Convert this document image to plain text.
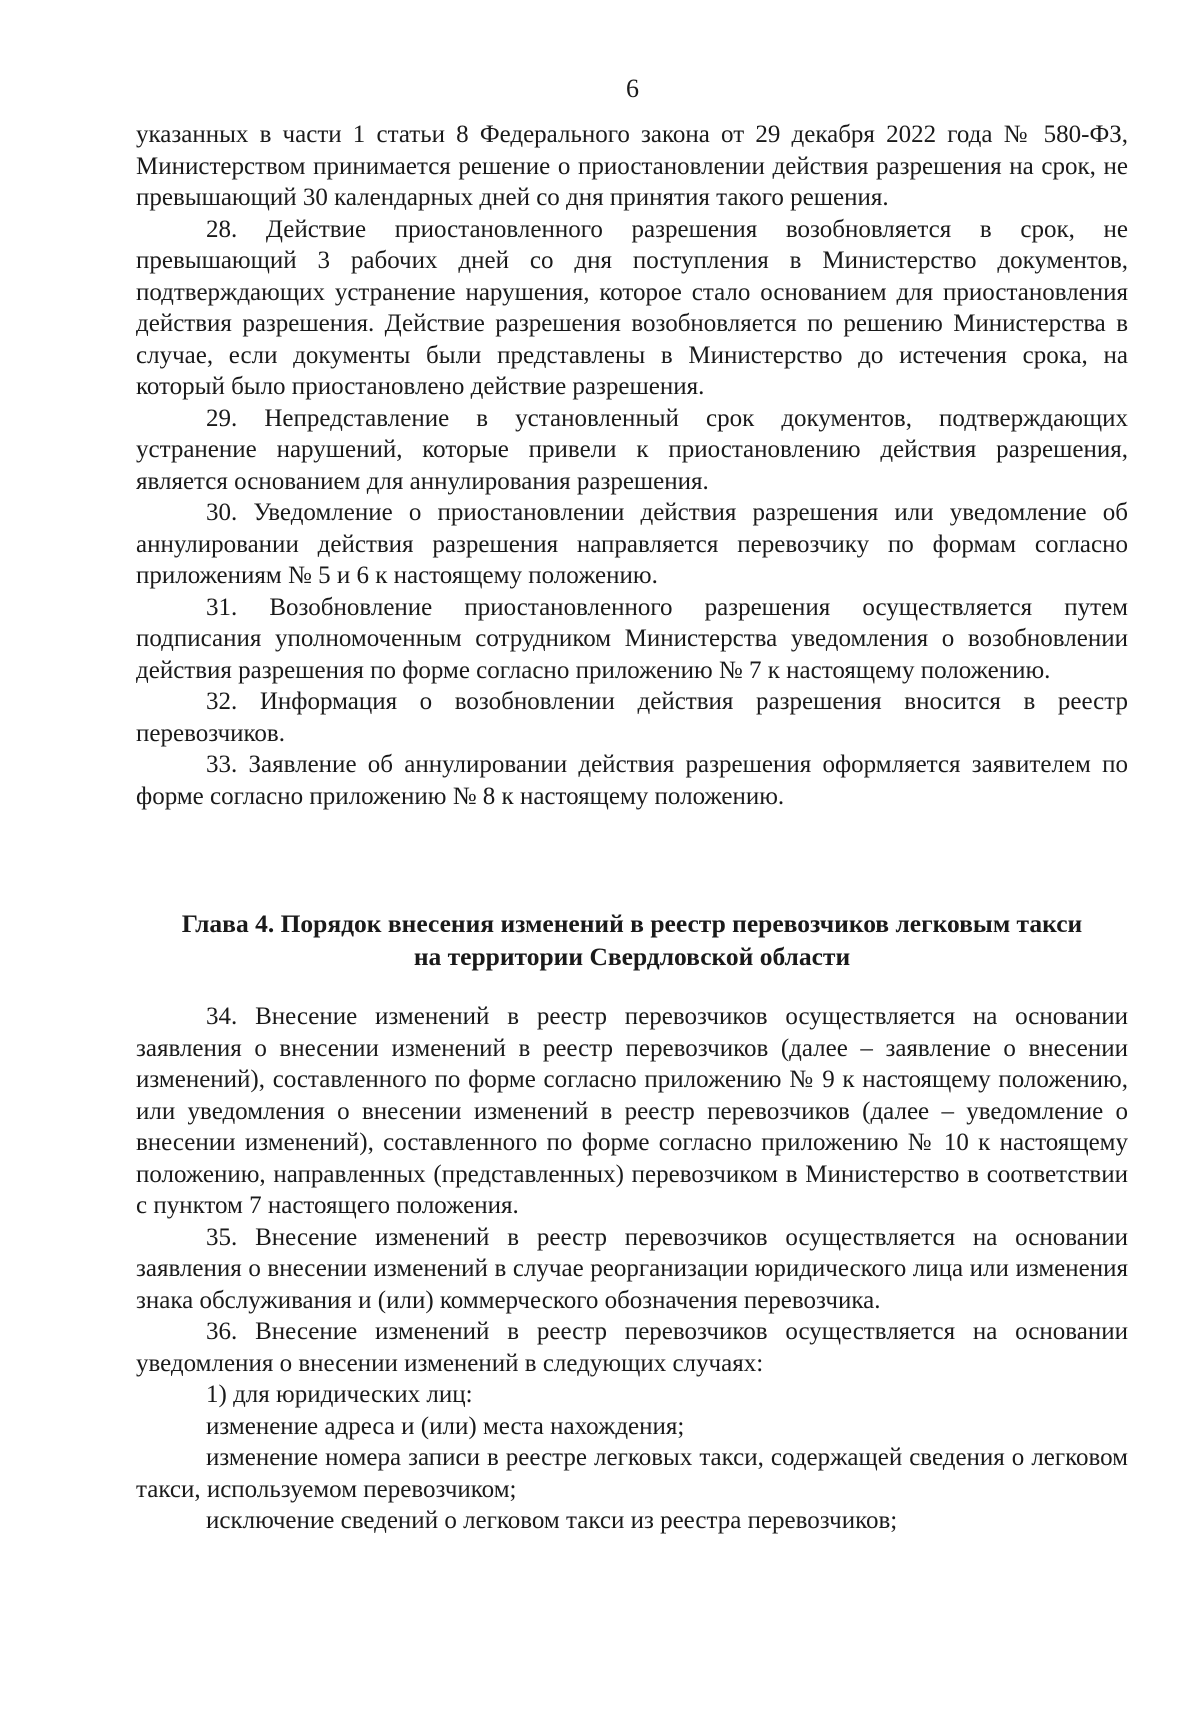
6

указанных в части 1 статьи 8 Федерального закона от 29 декабря 2022 года № 580-ФЗ, Министерством принимается решение о приостановлении действия разрешения на срок, не превышающий 30 календарных дней со дня принятия такого решения.

28. Действие приостановленного разрешения возобновляется в срок, не превышающий 3 рабочих дней со дня поступления в Министерство документов, подтверждающих устранение нарушения, которое стало основанием для приостановления действия разрешения. Действие разрешения возобновляется по решению Министерства в случае, если документы были представлены в Министерство до истечения срока, на который было приостановлено действие разрешения.

29. Непредставление в установленный срок документов, подтверждающих устранение нарушений, которые привели к приостановлению действия разрешения, является основанием для аннулирования разрешения.

30. Уведомление о приостановлении действия разрешения или уведомление об аннулировании действия разрешения направляется перевозчику по формам согласно приложениям № 5 и 6 к настоящему положению.

31. Возобновление приостановленного разрешения осуществляется путем подписания уполномоченным сотрудником Министерства уведомления о возобновлении действия разрешения по форме согласно приложению № 7 к настоящему положению.

32. Информация о возобновлении действия разрешения вносится в реестр перевозчиков.

33. Заявление об аннулировании действия разрешения оформляется заявителем по форме согласно приложению № 8 к настоящему положению.

Глава 4. Порядок внесения изменений в реестр перевозчиков легковым такси
на территории Свердловской области

34. Внесение изменений в реестр перевозчиков осуществляется на основании заявления о внесении изменений в реестр перевозчиков (далее – заявление о внесении изменений), составленного по форме согласно приложению № 9 к настоящему положению, или уведомления о внесении изменений в реестр перевозчиков (далее – уведомление о внесении изменений), составленного по форме согласно приложению № 10 к настоящему положению, направленных (представленных) перевозчиком в Министерство в соответствии с пунктом 7 настоящего положения.

35. Внесение изменений в реестр перевозчиков осуществляется на основании заявления о внесении изменений в случае реорганизации юридического лица или изменения знака обслуживания и (или) коммерческого обозначения перевозчика.

36. Внесение изменений в реестр перевозчиков осуществляется на основании уведомления о внесении изменений в следующих случаях:

1) для юридических лиц:

изменение адреса и (или) места нахождения;

изменение номера записи в реестре легковых такси, содержащей сведения о легковом такси, используемом перевозчиком;

исключение сведений о легковом такси из реестра перевозчиков;
